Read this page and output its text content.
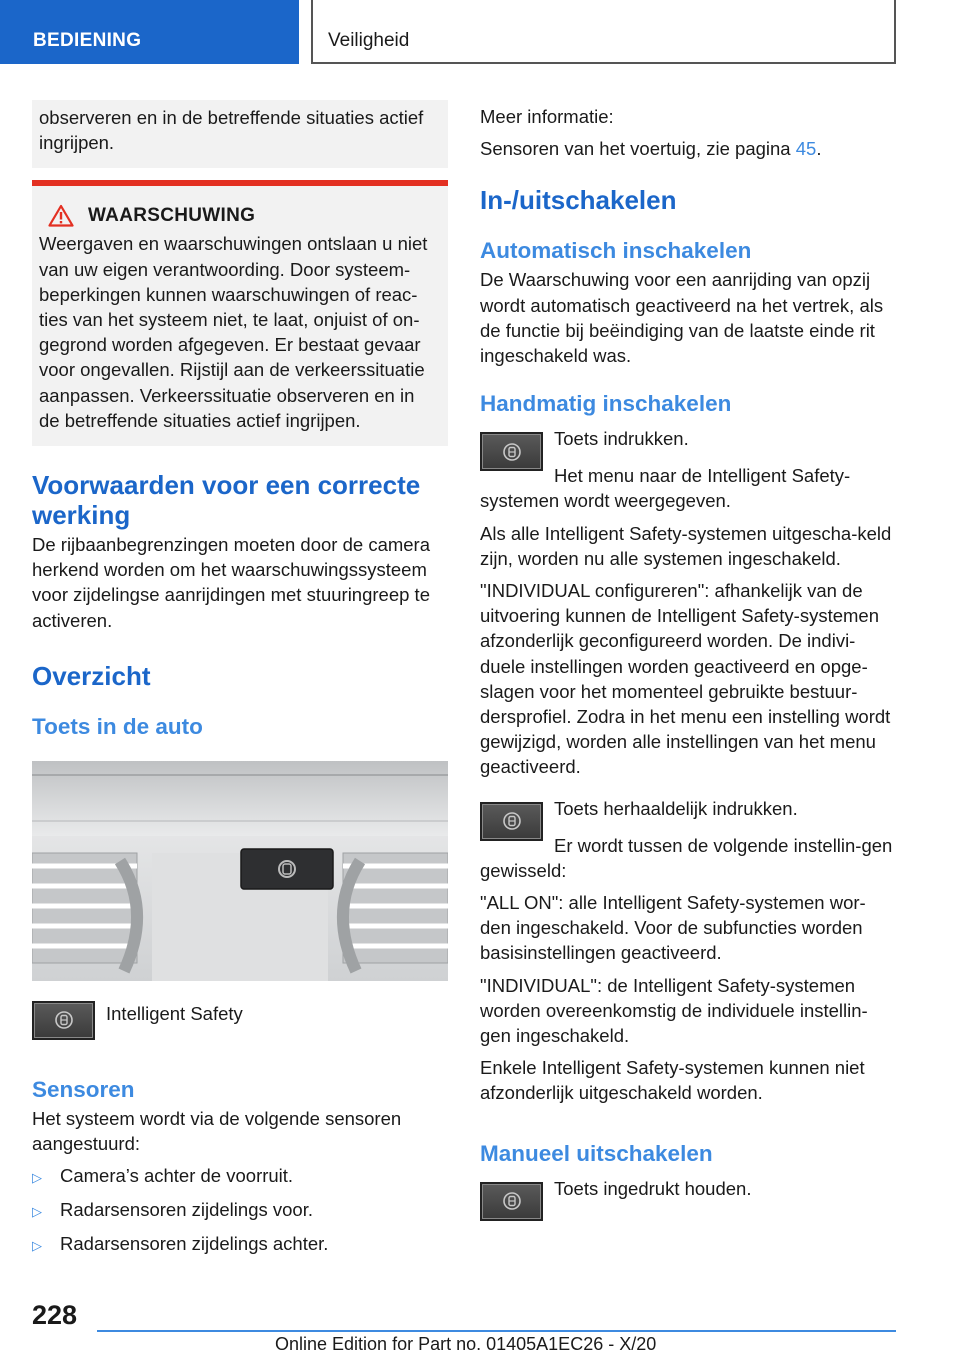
BEDIENING	Veiligheid

observeren en in de betreffende situaties actief ingrijpen.

WAARSCHUWING

Weergaven en waarschuwingen ontslaan u niet van uw eigen verantwoording. Door systeem-beperkingen kunnen waarschuwingen of reac-ties van het systeem niet, te laat, onjuist of on-gegrond worden afgegeven. Er bestaat gevaar voor ongevallen. Rijstijl aan de verkeerssituatie aanpassen. Verkeerssituatie observeren en in de betreffende situaties actief ingrijpen.

Voorwaarden voor een correcte werking

De rijbaanbegrenzingen moeten door de camera herkend worden om het waarschuwingssysteem voor zijdelingse aanrijdingen met stuuringreep te activeren.

Overzicht
Toets in de auto

Intelligent Safety

Sensoren

Het systeem wordt via de volgende sensoren aangestuurd:

▷ Camera’s achter de voorruit.
▷ Radarsensoren zijdelings voor.
▷ Radarsensoren zijdelings achter.

Meer informatie:

Sensoren van het voertuig, zie pagina 45.

In-/uitschakelen
Automatisch inschakelen

De Waarschuwing voor een aanrijding van opzij wordt automatisch geactiveerd na het vertrek, als de functie bij beëindiging van de laatste einde rit ingeschakeld was.

Handmatig inschakelen

Toets indrukken.

Het menu naar de Intelligent Safety-systemen wordt weergegeven.

Als alle Intelligent Safety-systemen uitgescha-keld zijn, worden nu alle systemen ingeschakeld.

"INDIVIDUAL configureren": afhankelijk van de uitvoering kunnen de Intelligent Safety-systemen afzonderlijk geconfigureerd worden. De indivi-duele instellingen worden geactiveerd en opge-slagen voor het momenteel gebruikte bestuur-dersprofiel. Zodra in het menu een instelling wordt gewijzigd, worden alle instellingen van het menu geactiveerd.

Toets herhaaldelijk indrukken.

Er wordt tussen de volgende instellin-gen gewisseld:

"ALL ON": alle Intelligent Safety-systemen wor-den ingeschakeld. Voor de subfuncties worden basisinstellingen geactiveerd.

"INDIVIDUAL": de Intelligent Safety-systemen worden overeenkomstig de individuele instellin-gen ingeschakeld.

Enkele Intelligent Safety-systemen kunnen niet afzonderlijk uitgeschakeld worden.

Manueel uitschakelen

Toets ingedrukt houden.

228
Online Edition for Part no. 01405A1EC26 - X/20
